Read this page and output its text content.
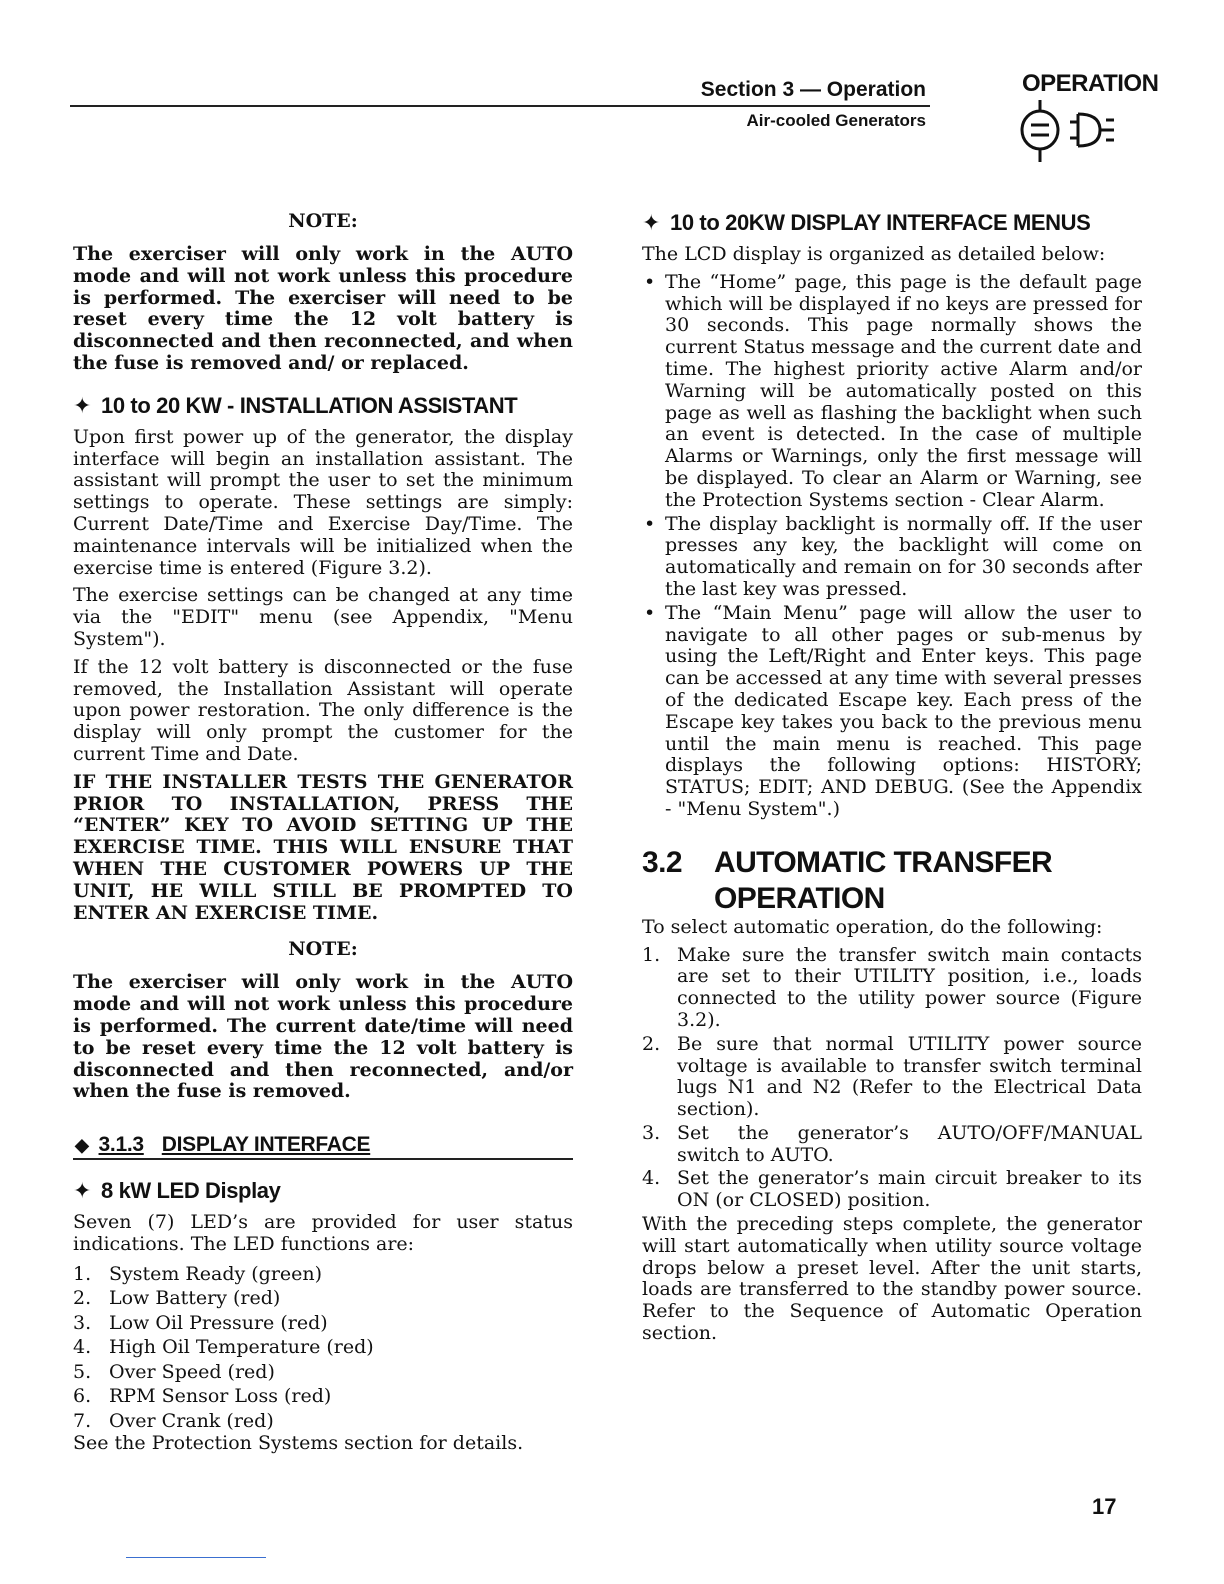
Section 3 — Operation
Air-cooled Generators
OPERATION
NOTE:

The exerciser will only work in the AUTO mode and will not work unless this procedure is performed. The exerciser will need to be reset every time the 12 volt battery is disconnected and then reconnected, and when the fuse is removed and/ or replaced.

✦ 10 to 20 KW - INSTALLATION ASSISTANT

Upon first power up of the generator, the display interface will begin an installation assistant. The assistant will prompt the user to set the minimum settings to operate. These settings are simply: Current Date/Time and Exercise Day/Time. The maintenance intervals will be initialized when the exercise time is entered (Figure 3.2).

The exercise settings can be changed at any time via the "EDIT" menu (see Appendix, "Menu System").

If the 12 volt battery is disconnected or the fuse removed, the Installation Assistant will operate upon power restoration. The only difference is the display will only prompt the customer for the current Time and Date.

IF THE INSTALLER TESTS THE GENERATOR PRIOR TO INSTALLATION, PRESS THE “ENTER” KEY TO AVOID SETTING UP THE EXERCISE TIME. THIS WILL ENSURE THAT WHEN THE CUSTOMER POWERS UP THE UNIT, HE WILL STILL BE PROMPTED TO ENTER AN EXERCISE TIME.

NOTE:

The exerciser will only work in the AUTO mode and will not work unless this procedure is performed. The current date/time will need to be reset every time the 12 volt battery is disconnected and then reconnected, and/or when the fuse is removed.

◆ 3.1.3 DISPLAY INTERFACE
✦ 8 kW LED Display

Seven (7) LED’s are provided for user status indications. The LED functions are:

1. System Ready (green)
2. Low Battery (red)
3. Low Oil Pressure (red)
4. High Oil Temperature (red)
5. Over Speed (red)
6. RPM Sensor Loss (red)
7. Over Crank (red)

See the Protection Systems section for details.

✦ 10 to 20KW DISPLAY INTERFACE MENUS

The LCD display is organized as detailed below:

• The “Home” page, this page is the default page which will be displayed if no keys are pressed for 30 seconds. This page normally shows the current Status message and the current date and time. The highest priority active Alarm and/or Warning will be automatically posted on this page as well as flashing the backlight when such an event is detected. In the case of multiple Alarms or Warnings, only the first message will be displayed. To clear an Alarm or Warning, see the Protection Systems section - Clear Alarm.
• The display backlight is normally off. If the user presses any key, the backlight will come on automatically and remain on for 30 seconds after the last key was pressed.
• The “Main Menu” page will allow the user to navigate to all other pages or sub-menus by using the Left/Right and Enter keys. This page can be accessed at any time with several presses of the dedicated Escape key. Each press of the Escape key takes you back to the previous menu until the main menu is reached. This page displays the following options: HISTORY; STATUS; EDIT; AND DEBUG. (See the Appendix - "Menu System".)
3.2 AUTOMATIC TRANSFER
OPERATION

To select automatic operation, do the following:

1. Make sure the transfer switch main contacts are set to their UTILITY position, i.e., loads connected to the utility power source (Figure 3.2).
2. Be sure that normal UTILITY power source voltage is available to transfer switch terminal lugs N1 and N2 (Refer to the Electrical Data section).
3. Set the generator’s AUTO/OFF/MANUAL switch to AUTO.
4. Set the generator’s main circuit breaker to its ON (or CLOSED) position.

With the preceding steps complete, the generator will start automatically when utility source voltage drops below a preset level. After the unit starts, loads are transferred to the standby power source. Refer to the Sequence of Automatic Operation section.

17
